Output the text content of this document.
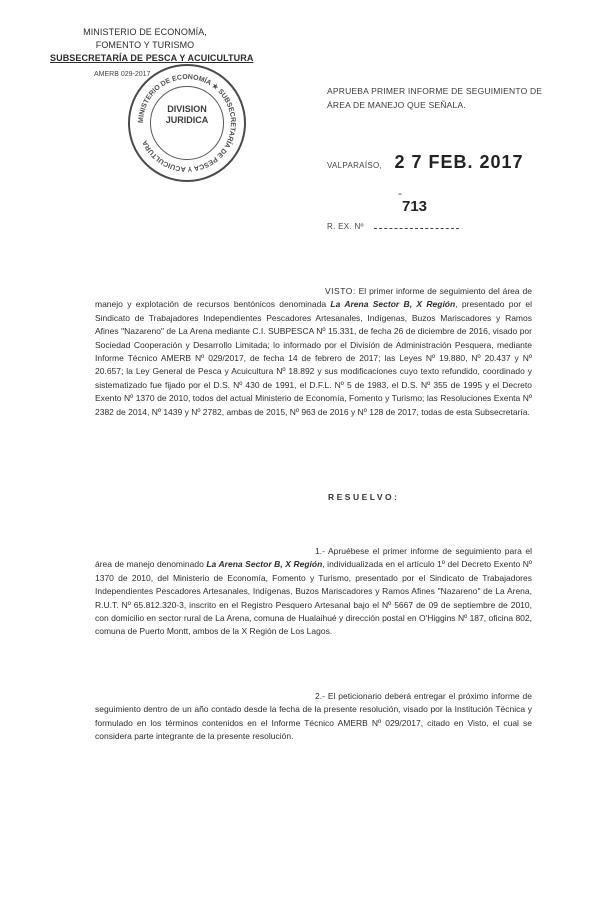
MINISTERIO DE ECONOMÍA,
FOMENTO Y TURISMO
SUBSECRETARÍA DE PESCA Y ACUICULTURA
AMERB 029-2017
MINISTERIO DE ECONOMÍA ★ SUBSECRETARÍA DE PESCA Y ACUICULTURA
DIVISION
JURIDICA
APRUEBA PRIMER INFORME DE SEGUIMIENTO DE ÁREA DE MANEJO QUE SEÑALA.
VALPARAÍSO, 2 7 FEB. 2017
-
R. EX. Nº
713
VISTO: El primer informe de seguimiento del área de manejo y explotación de recursos bentónicos denominada La Arena Sector B, X Región, presentado por el Sindicato de Trabajadores Independientes Pescadores Artesanales, Indígenas, Buzos Mariscadores y Ramos Afines "Nazareno" de La Arena mediante C.I. SUBPESCA Nº 15.331, de fecha 26 de diciembre de 2016, visado por Sociedad Cooperación y Desarrollo Limitada; lo informado por el División de Administración Pesquera, mediante Informe Técnico AMERB Nº 029/2017, de fecha 14 de febrero de 2017; las Leyes Nº 19.880, Nº 20.437 y Nº 20.657; la Ley General de Pesca y Acuicultura Nº 18.892 y sus modificaciones cuyo texto refundido, coordinado y sistematizado fue fijado por el D.S. Nº 430 de 1991, el D.F.L. Nº 5 de 1983, el D.S. Nº 355 de 1995 y el Decreto Exento Nº 1370 de 2010, todos del actual Ministerio de Economía, Fomento y Turismo; las Resoluciones Exenta Nº 2382 de 2014, Nº 1439 y Nº 2782, ambas de 2015, Nº 963 de 2016 y Nº 128 de 2017, todas de esta Subsecretaría.
RESUELVO:
1.- Apruébese el primer informe de seguimiento para el área de manejo denominado La Arena Sector B, X Región, individualizada en el artículo 1º del Decreto Exento Nº 1370 de 2010, del Ministerio de Economía, Fomento y Turismo, presentado por el Sindicato de Trabajadores Independientes Pescadores Artesanales, Indígenas, Buzos Mariscadores y Ramos Afines "Nazareno" de La Arena, R.U.T. Nº 65.812.320-3, inscrito en el Registro Pesquero Artesanal bajo el Nº 5667 de 09 de septiembre de 2010, con domicilio en sector rural de La Arena, comuna de Hualaihué y dirección postal en O'Higgins Nº 187, oficina 802, comuna de Puerto Montt, ambos de la X Región de Los Lagos.
2.- El peticionario deberá entregar el próximo informe de seguimiento dentro de un año contado desde la fecha de la presente resolución, visado por la Institución Técnica y formulado en los términos contenidos en el Informe Técnico AMERB Nº 029/2017, citado en Visto, el cual se considera parte integrante de la presente resolución.
